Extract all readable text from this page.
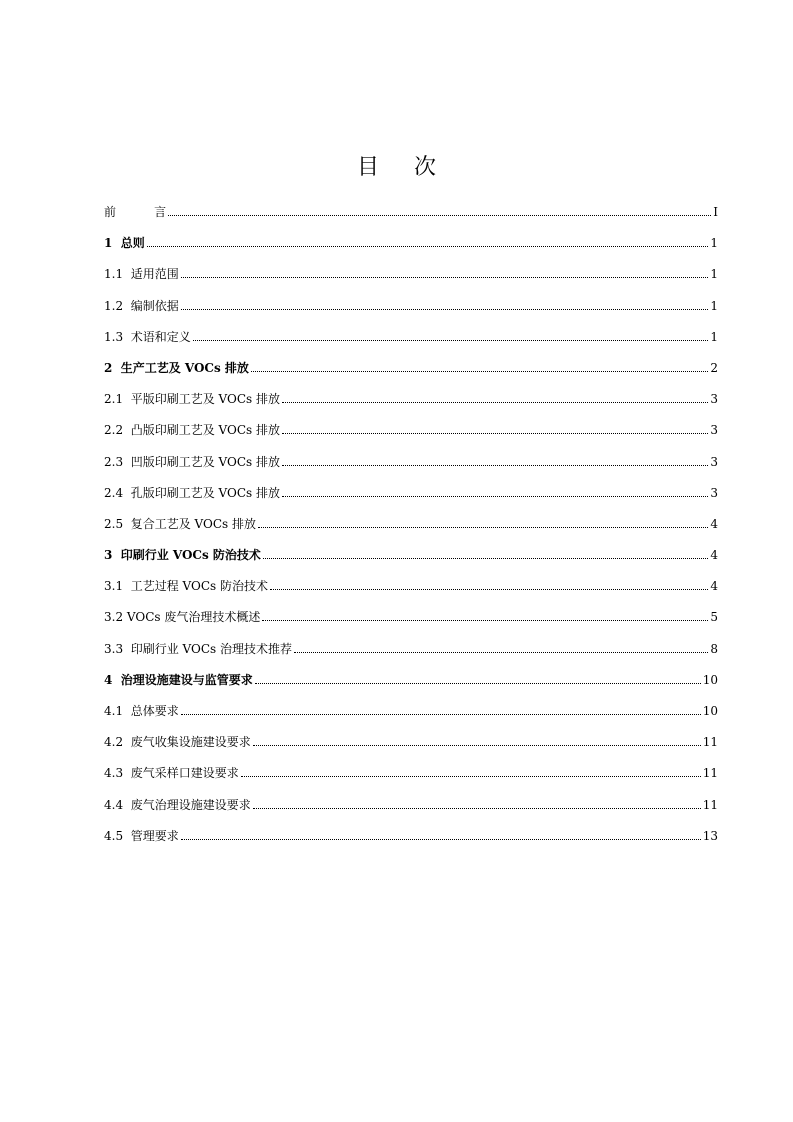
目 次
前          言	I
1  总则	1
1.1  适用范围	1
1.2  编制依据	1
1.3  术语和定义	1
2  生产工艺及 VOCs 排放	2
2.1  平版印刷工艺及 VOCs 排放	3
2.2  凸版印刷工艺及 VOCs 排放	3
2.3  凹版印刷工艺及 VOCs 排放	3
2.4  孔版印刷工艺及 VOCs 排放	3
2.5  复合工艺及 VOCs 排放	4
3  印刷行业 VOCs 防治技术	4
3.1  工艺过程 VOCs 防治技术	4
3.2 VOCs 废气治理技术概述	5
3.3  印刷行业 VOCs 治理技术推荐	8
4  治理设施建设与监管要求	10
4.1  总体要求	10
4.2  废气收集设施建设要求	11
4.3  废气采样口建设要求	11
4.4  废气治理设施建设要求	11
4.5  管理要求	13
